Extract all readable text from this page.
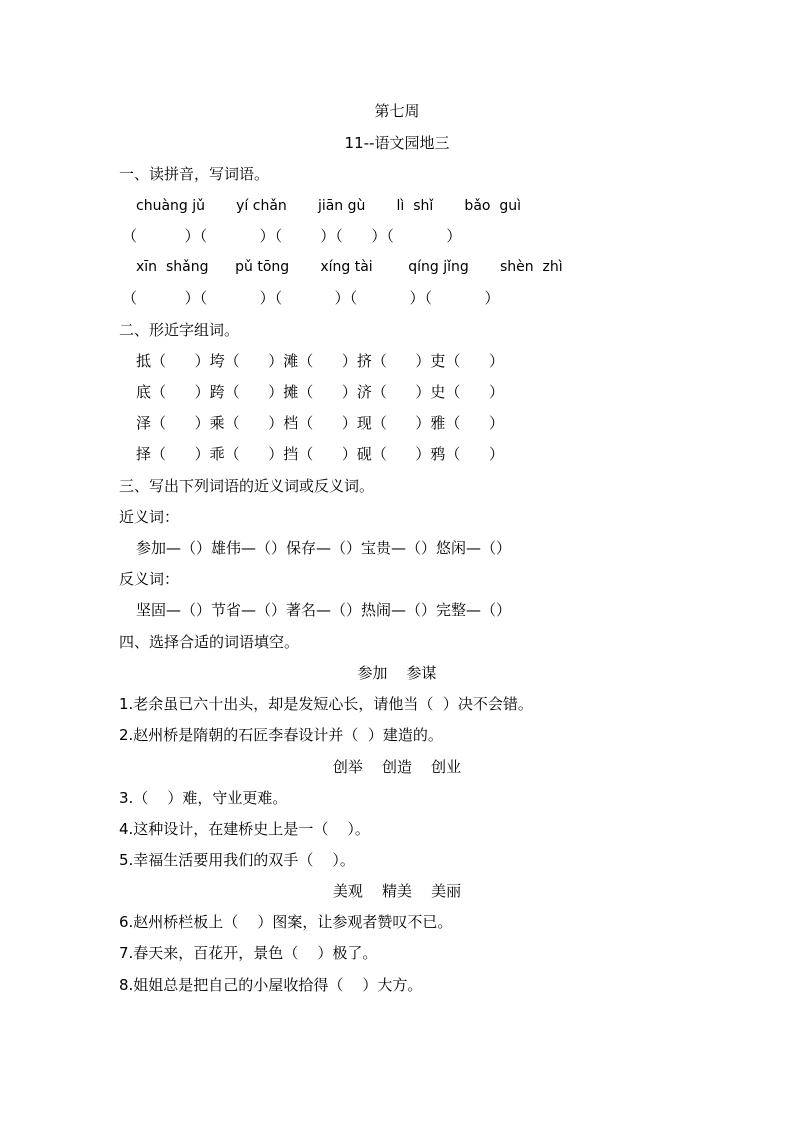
第七周
11--语文园地三
一、读拼音，写词语。
chuàng jǔ       yí chǎn       jiān gù       lì  shǐ       bǎo  guì
（          ）（           ）（        ）（      ）（           ）
xīn  shǎng      pǔ tōng       xíng tài        qíng jǐng       shèn  zhì
（          ）（           ）（           ）（           ）（           ）
二、形近字组词。
抵（      ）垮（      ）滩（      ）挤（      ）吏（      ）
底（      ）跨（      ）摊（      ）济（      ）史（      ）
泽（      ）乘（      ）档（      ）现（      ）雅（      ）
择（      ）乖（      ）挡（      ）砚（      ）鸦（      ）
三、写出下列词语的近义词或反义词。
近义词：
参加—（）雄伟—（）保存—（）宝贵—（）悠闲—（）
反义词：
坚固—（）节省—（）著名—（）热闹—（）完整—（）
四、选择合适的词语填空。
参加    参谋
1.老余虽已六十出头，却是发短心长，请他当（  ）决不会错。
2.赵州桥是隋朝的石匠李春设计并（  ）建造的。
创举    创造    创业
3.（    ）难，守业更难。
4.这种设计，在建桥史上是一（    ）。
5.幸福生活要用我们的双手（    ）。
美观    精美    美丽
6.赵州桥栏板上（    ）图案，让参观者赞叹不已。
7.春天来，百花开，景色（    ）极了。
8.姐姐总是把自己的小屋收拾得（    ）大方。
